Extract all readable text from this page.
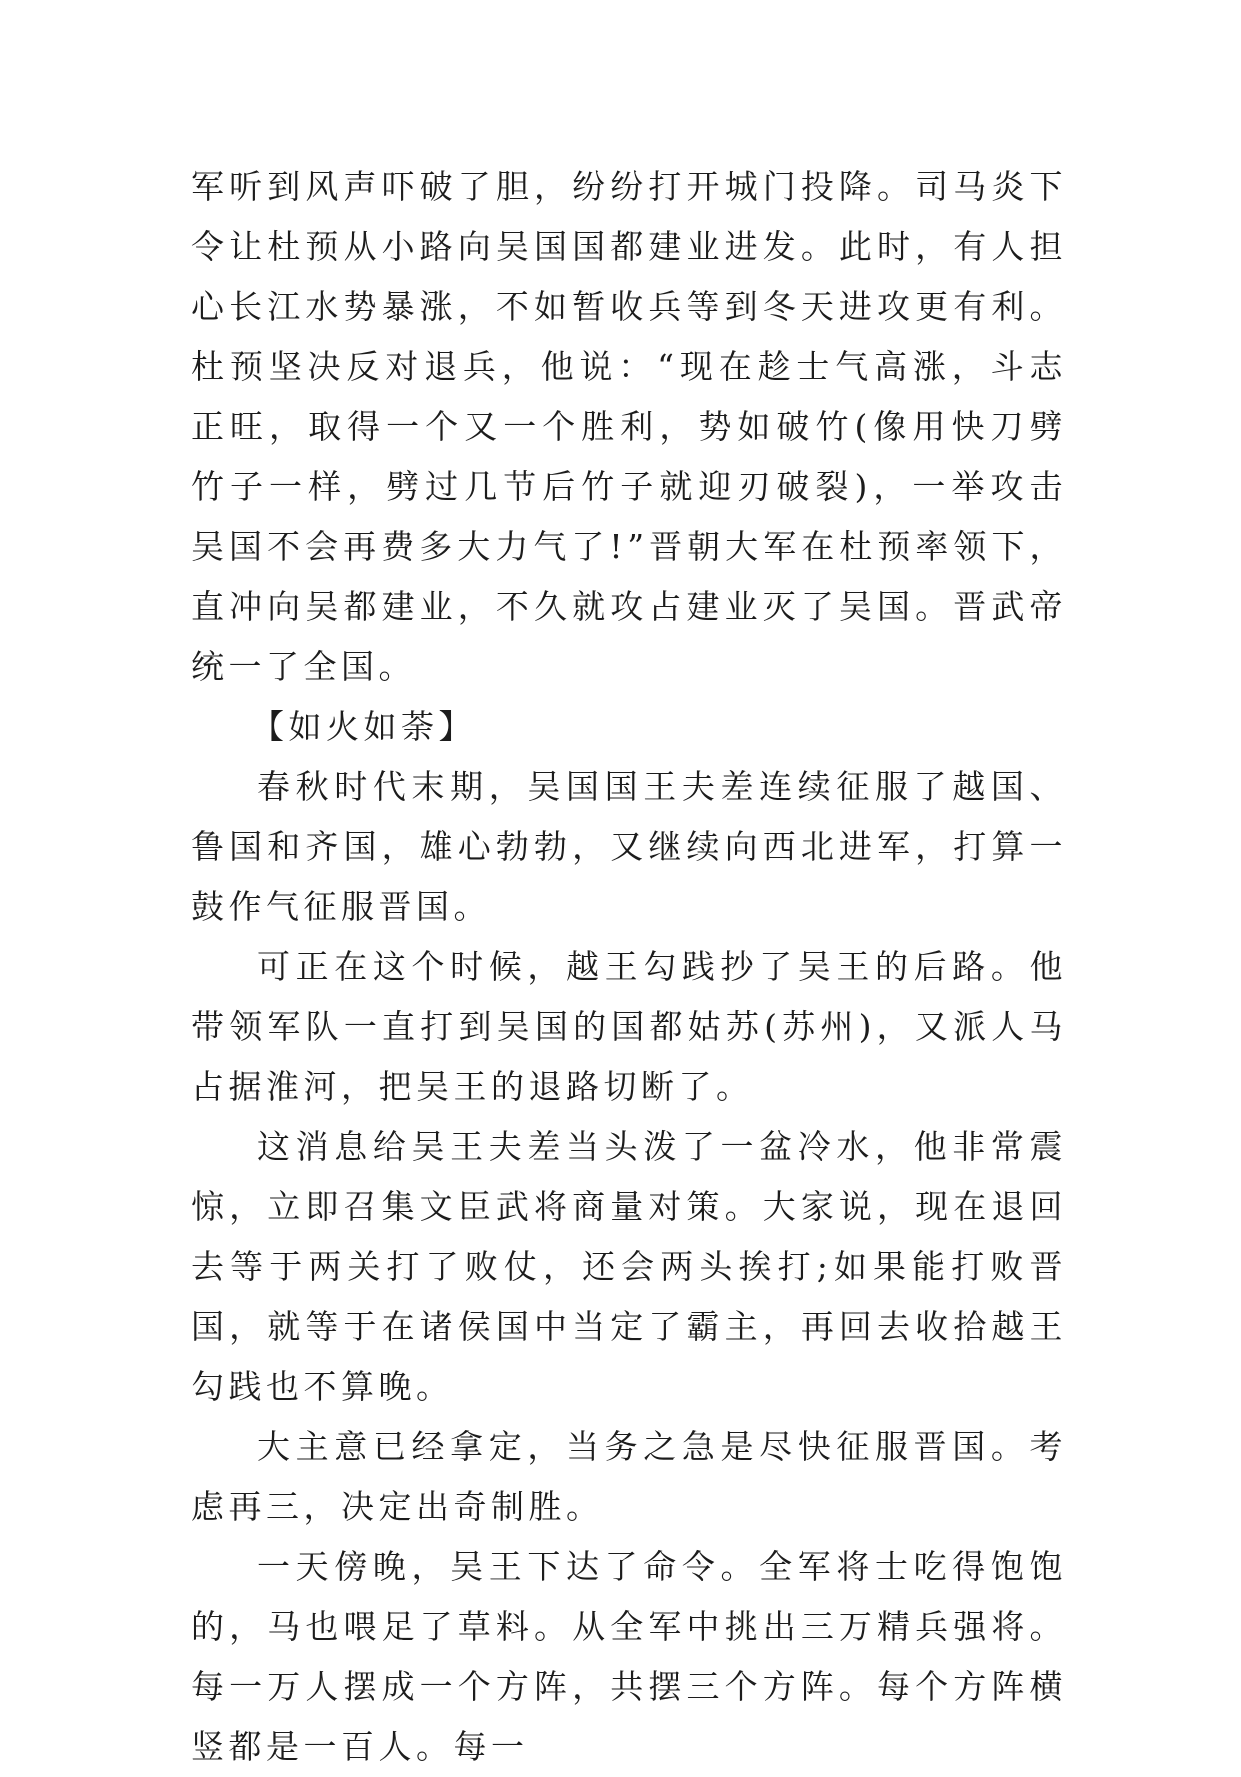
军听到风声吓破了胆，纷纷打开城门投降。司马炎下令让杜预从小路向吴国国都建业进发。此时，有人担心长江水势暴涨，不如暂收兵等到冬天进攻更有利。杜预坚决反对退兵，他说：“现在趁士气高涨，斗志正旺，取得一个又一个胜利，势如破竹(像用快刀劈竹子一样，劈过几节后竹子就迎刃破裂)，一举攻击吴国不会再费多大力气了!”晋朝大军在杜预率领下，直冲向吴都建业，不久就攻占建业灭了吴国。晋武帝统一了全国。

【如火如荼】

春秋时代末期，吴国国王夫差连续征服了越国、鲁国和齐国，雄心勃勃，又继续向西北进军，打算一鼓作气征服晋国。

可正在这个时候，越王勾践抄了吴王的后路。他带领军队一直打到吴国的国都姑苏(苏州)，又派人马占据淮河，把吴王的退路切断了。

这消息给吴王夫差当头泼了一盆冷水，他非常震惊，立即召集文臣武将商量对策。大家说，现在退回去等于两关打了败仗，还会两头挨打;如果能打败晋国，就等于在诸侯国中当定了霸主，再回去收拾越王勾践也不算晚。

大主意已经拿定，当务之急是尽快征服晋国。考虑再三，决定出奇制胜。

一天傍晚，吴王下达了命令。全军将士吃得饱饱的，马也喂足了草料。从全军中挑出三万精兵强将。每一万人摆成一个方阵，共摆三个方阵。每个方阵横竖都是一百人。每一
